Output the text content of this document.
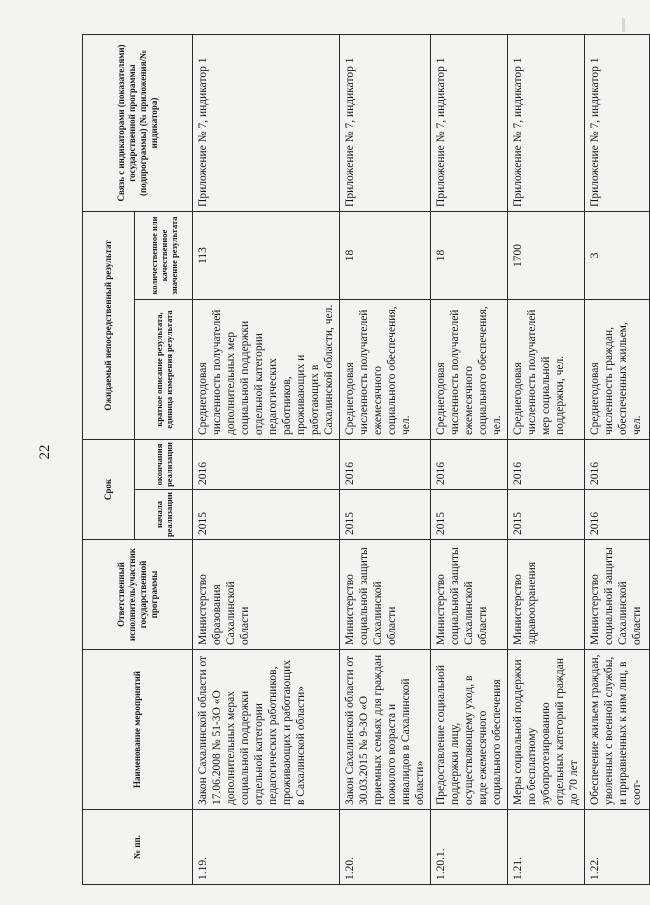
22
№ пп.	Наименование мероприятий	Ответственный исполнитель/участник государственной программы	Срок		Ожидаемый непосредственный результат		Связь с индикаторами (показателями) государственной программы (подпрограммы) (№ приложения/№ индикатора)
			начала реализации	окончания реализации	краткое описание результата, единица измерения результата	количественное или качественное значение результата	
1.19.	Закон Сахалинской области от 17.06.2008 № 51-ЗО «О дополнительных мерах социальной поддержки отдельной категории педагогических работников, проживающих и работающих в Сахалинской области»	Министерство образования Сахалинской области	2015	2016	Среднегодовая численность получателей дополнительных мер социальной поддержки отдельной категории педагогических работников, проживающих и работающих в Сахалинской области, чел.	113	Приложение № 7, индикатор 1
1.20.	Закон Сахалинской области от 30.03.2015 № 9-ЗО «О приемных семьях для граждан пожилого возраста и инвалидов в Сахалинской области»	Министерство социальной защиты Сахалинской области	2015	2016	Среднегодовая численность получателей ежемесячного социального обеспечения, чел.	18	Приложение № 7, индикатор 1
1.20.1.	Предоставление социальной поддержки лицу, осуществляющему уход, в виде ежемесячного социального обеспечения	Министерство социальной защиты Сахалинской области	2015	2016	Среднегодовая численность получателей ежемесячного социального обеспечения, чел.	18	Приложение № 7, индикатор 1
1.21.	Меры социальной поддержки по бесплатному зубопротезированию отдельных категорий граждан до 70 лет	Министерство здравоохранения	2015	2016	Среднегодовая численность получателей мер социальной поддержки, чел.	1700	Приложение № 7, индикатор 1
1.22.	Обеспечение жильем граждан, уволенных с военной службы, и приравненных к ним лиц, в соот-	Министерство социальной защиты Сахалинской области	2016	2016	Среднегодовая численность граждан, обеспеченных жильем, чел.	3	Приложение № 7, индикатор 1
